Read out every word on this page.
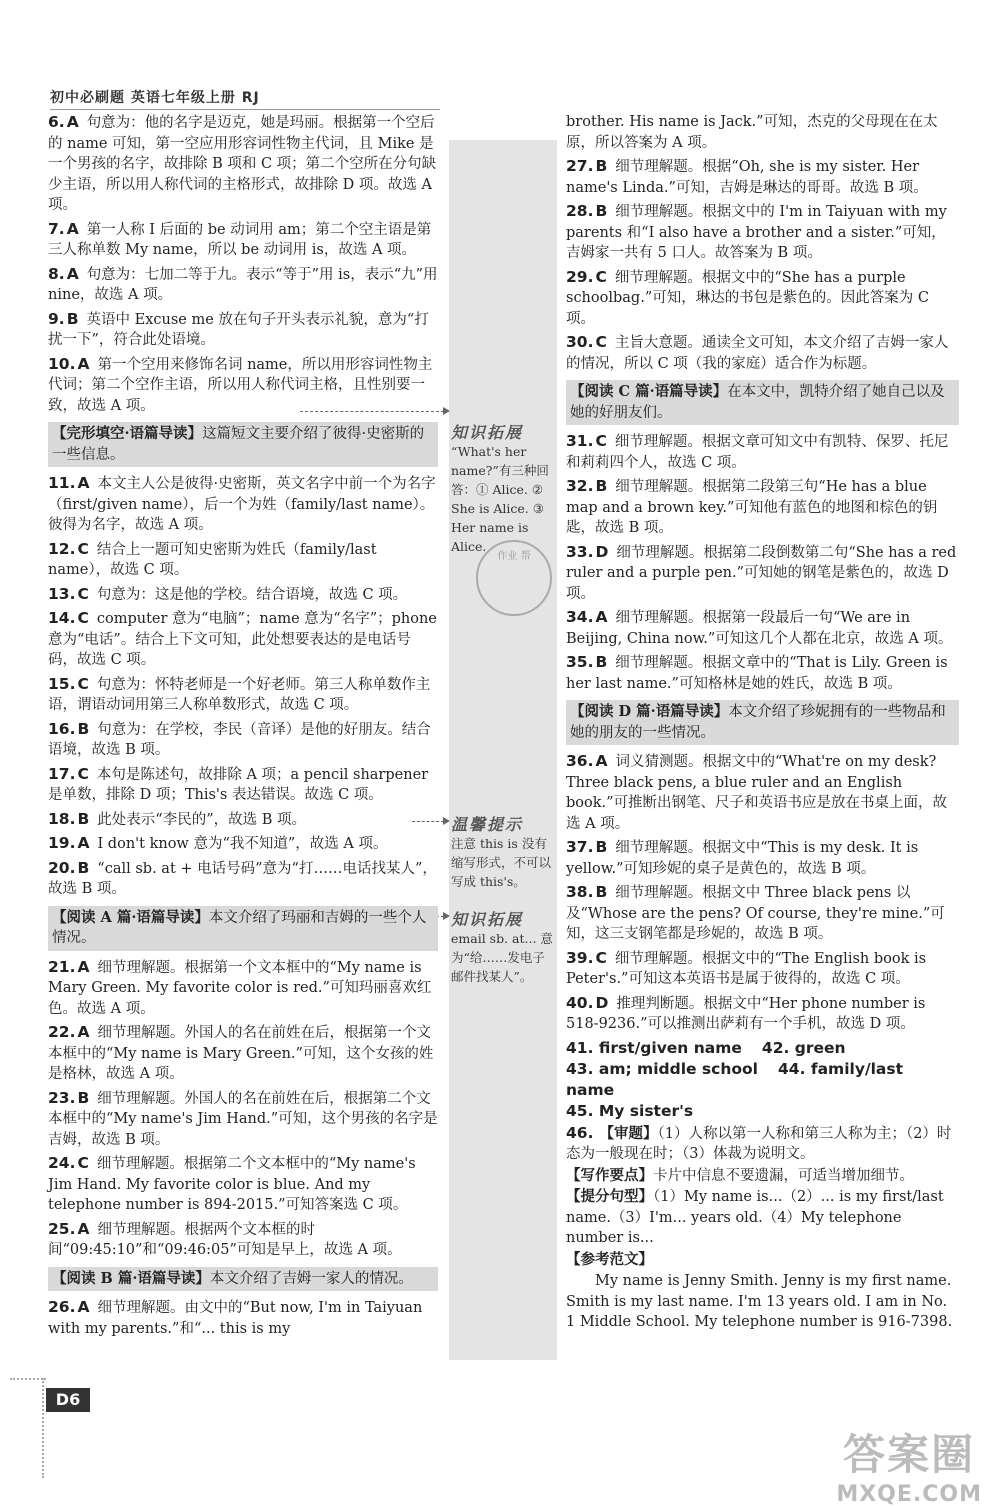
初中必刷题 英语七年级上册 RJ
知识拓展
“What's her name?”有三种回答：① Alice. ② She is Alice. ③ Her name is Alice.
作业 帮
温馨提示
注意 this is 没有缩写形式，不可以写成 this's。
知识拓展
email sb. at... 意为“给……发电子邮件找某人”。
6. A 句意为：他的名字是迈克，她是玛丽。根据第一个空后的 name 可知，第一空应用形容词性物主代词，且 Mike 是一个男孩的名字，故排除 B 项和 C 项；第二个空所在分句缺少主语，所以用人称代词的主格形式，故排除 D 项。故选 A 项。
7. A 第一人称 I 后面的 be 动词用 am；第二个空主语是第三人称单数 My name，所以 be 动词用 is，故选 A 项。
8. A 句意为：七加二等于九。表示“等于”用 is，表示“九”用 nine，故选 A 项。
9. B 英语中 Excuse me 放在句子开头表示礼貌，意为“打扰一下”，符合此处语境。
10. A 第一个空用来修饰名词 name，所以用形容词性物主代词；第二个空作主语，所以用人称代词主格，且性别要一致，故选 A 项。
【完形填空·语篇导读】这篇短文主要介绍了彼得·史密斯的一些信息。
11. A 本文主人公是彼得·史密斯，英文名字中前一个为名字（first/given name），后一个为姓（family/last name）。彼得为名字，故选 A 项。
12. C 结合上一题可知史密斯为姓氏（family/last name），故选 C 项。
13. C 句意为：这是他的学校。结合语境，故选 C 项。
14. C computer 意为“电脑”；name 意为“名字”；phone 意为“电话”。结合上下文可知，此处想要表达的是电话号码，故选 C 项。
15. C 句意为：怀特老师是一个好老师。第三人称单数作主语，谓语动词用第三人称单数形式，故选 C 项。
16. B 句意为：在学校，李民（音译）是他的好朋友。结合语境，故选 B 项。
17. C 本句是陈述句，故排除 A 项；a pencil sharpener 是单数，排除 D 项；This's 表达错误。故选 C 项。
18. B 此处表示“李民的”，故选 B 项。
19. A I don't know 意为“我不知道”，故选 A 项。
20. B “call sb. at + 电话号码”意为“打……电话找某人”，故选 B 项。
【阅读 A 篇·语篇导读】本文介绍了玛丽和吉姆的一些个人情况。
21. A 细节理解题。根据第一个文本框中的“My name is Mary Green. My favorite color is red.”可知玛丽喜欢红色。故选 A 项。
22. A 细节理解题。外国人的名在前姓在后，根据第一个文本框中的“My name is Mary Green.”可知，这个女孩的姓是格林，故选 A 项。
23. B 细节理解题。外国人的名在前姓在后，根据第二个文本框中的“My name's Jim Hand.”可知，这个男孩的名字是吉姆，故选 B 项。
24. C 细节理解题。根据第二个文本框中的“My name's Jim Hand. My favorite color is blue. And my telephone number is 894-2015.”可知答案选 C 项。
25. A 细节理解题。根据两个文本框的时间“09:45:10”和“09:46:05”可知是早上，故选 A 项。
【阅读 B 篇·语篇导读】本文介绍了吉姆一家人的情况。
26. A 细节理解题。由文中的“But now, I'm in Taiyuan with my parents.”和“... this is my
brother. His name is Jack.”可知，杰克的父母现在在太原，所以答案为 A 项。
27. B 细节理解题。根据“Oh, she is my sister. Her name's Linda.”可知，吉姆是琳达的哥哥。故选 B 项。
28. B 细节理解题。根据文中的 I'm in Taiyuan with my parents 和“I also have a brother and a sister.”可知，吉姆家一共有 5 口人。故答案为 B 项。
29. C 细节理解题。根据文中的“She has a purple schoolbag.”可知，琳达的书包是紫色的。因此答案为 C 项。
30. C 主旨大意题。通读全文可知，本文介绍了吉姆一家人的情况，所以 C 项（我的家庭）适合作为标题。
【阅读 C 篇·语篇导读】在本文中，凯特介绍了她自己以及她的好朋友们。
31. C 细节理解题。根据文章可知文中有凯特、保罗、托尼和莉莉四个人，故选 C 项。
32. B 细节理解题。根据第二段第三句“He has a blue map and a brown key.”可知他有蓝色的地图和棕色的钥匙，故选 B 项。
33. D 细节理解题。根据第二段倒数第二句“She has a red ruler and a purple pen.”可知她的钢笔是紫色的，故选 D 项。
34. A 细节理解题。根据第一段最后一句“We are in Beijing, China now.”可知这几个人都在北京，故选 A 项。
35. B 细节理解题。根据文章中的“That is Lily. Green is her last name.”可知格林是她的姓氏，故选 B 项。
【阅读 D 篇·语篇导读】本文介绍了珍妮拥有的一些物品和她的朋友的一些情况。
36. A 词义猜测题。根据文中的“What're on my desk? Three black pens, a blue ruler and an English book.”可推断出钢笔、尺子和英语书应是放在书桌上面，故选 A 项。
37. B 细节理解题。根据文中“This is my desk. It is yellow.”可知珍妮的桌子是黄色的，故选 B 项。
38. B 细节理解题。根据文中 Three black pens 以及“Whose are the pens? Of course, they're mine.”可知，这三支钢笔都是珍妮的，故选 B 项。
39. C 细节理解题。根据文中的“The English book is Peter's.”可知这本英语书是属于彼得的，故选 C 项。
40. D 推理判断题。根据文中“Her phone number is 518-9236.”可以推测出萨莉有一个手机，故选 D 项。
41. first/given name 42. green
43. am; middle school 44. family/last name
45. My sister's

46. 【审题】（1）人称以第一人称和第三人称为主；（2）时态为一般现在时；（3）体裁为说明文。

【写作要点】卡片中信息不要遗漏，可适当增加细节。

【提分句型】（1）My name is...（2）... is my first/last name.（3）I'm... years old.（4）My telephone number is...

【参考范文】

My name is Jenny Smith. Jenny is my first name. Smith is my last name. I'm 13 years old. I am in No. 1 Middle School. My telephone number is 916-7398.

D6
答案圈
MXQE.COM
